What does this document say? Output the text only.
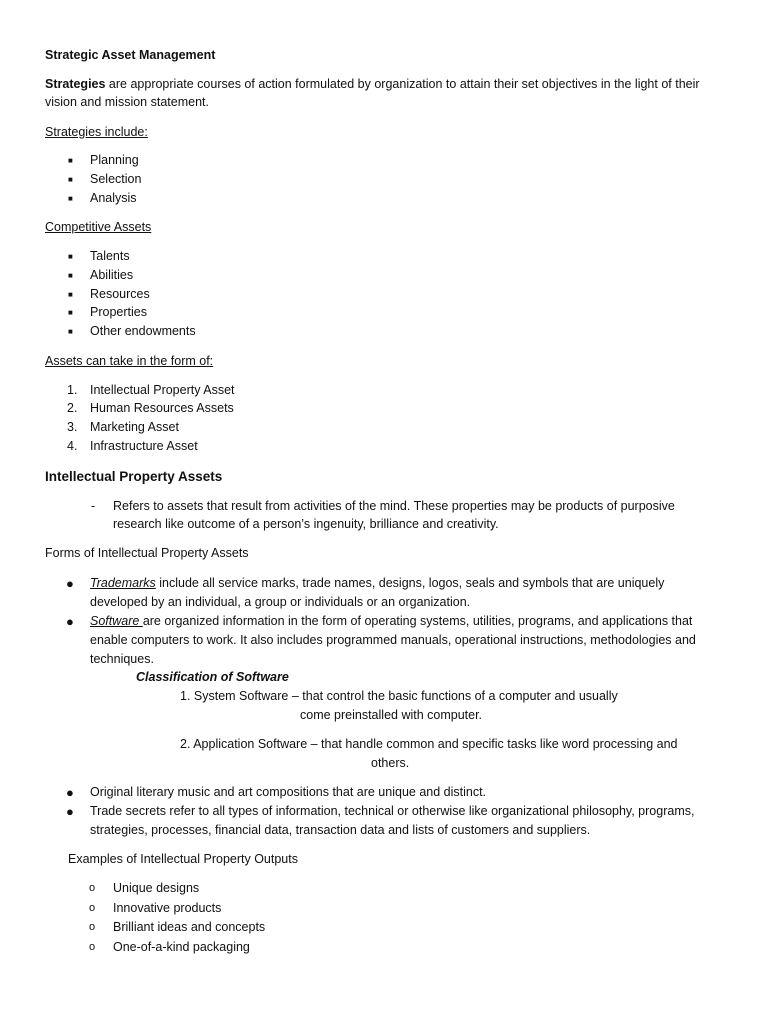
Strategic Asset Management
Strategies are appropriate courses of action formulated by organization to attain their set objectives in the light of their
vision and mission statement.
Strategies include:
■ Planning
■ Selection
■ Analysis
Competitive Assets
■ Talents
■ Abilities
■ Resources
■ Properties
■ Other endowments
Assets can take in the form of:
1. Intellectual Property Asset
2. Human Resources Assets
3. Marketing Asset
4. Infrastructure Asset
Intellectual Property Assets
- Refers to assets that result from activities of the mind. These properties may be products of purposive
research like outcome of a person’s ingenuity, brilliance and creativity.
Forms of Intellectual Property Assets
● Trademarks include all service marks, trade names, designs, logos, seals and symbols that are uniquely
developed by an individual, a group or individuals or an organization.
● Software are organized information in the form of operating systems, utilities, programs, and applications that
enable computers to work. It also includes programmed manuals, operational instructions, methodologies and
techniques.
Classification of Software
1. System Software – that control the basic functions of a computer and usually
come preinstalled with computer.
2. Application Software – that handle common and specific tasks like word processing and
others.
● Original literary music and art compositions that are unique and distinct.
● Trade secrets refer to all types of information, technical or otherwise like organizational philosophy, programs,
strategies, processes, financial data, transaction data and lists of customers and suppliers.
Examples of Intellectual Property Outputs
o Unique designs
o Innovative products
o Brilliant ideas and concepts
o One-of-a-kind packaging
